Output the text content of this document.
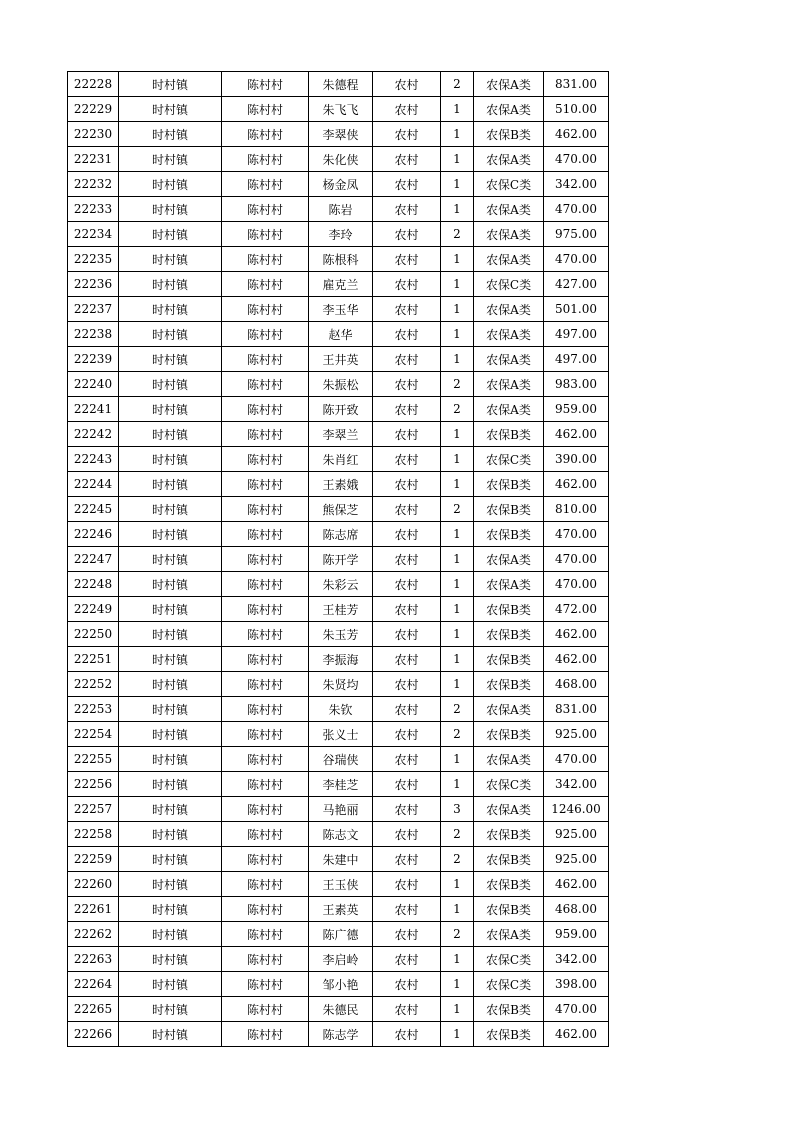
22228	时村镇	陈村村	朱德程	农村	2	农保A类	831.00
22229	时村镇	陈村村	朱飞飞	农村	1	农保A类	510.00
22230	时村镇	陈村村	李翠侠	农村	1	农保B类	462.00
22231	时村镇	陈村村	朱化侠	农村	1	农保A类	470.00
22232	时村镇	陈村村	杨金凤	农村	1	农保C类	342.00
22233	时村镇	陈村村	陈岩	农村	1	农保A类	470.00
22234	时村镇	陈村村	李玲	农村	2	农保A类	975.00
22235	时村镇	陈村村	陈根科	农村	1	农保A类	470.00
22236	时村镇	陈村村	雇克兰	农村	1	农保C类	427.00
22237	时村镇	陈村村	李玉华	农村	1	农保A类	501.00
22238	时村镇	陈村村	赵华	农村	1	农保A类	497.00
22239	时村镇	陈村村	王井英	农村	1	农保A类	497.00
22240	时村镇	陈村村	朱振松	农村	2	农保A类	983.00
22241	时村镇	陈村村	陈开致	农村	2	农保A类	959.00
22242	时村镇	陈村村	李翠兰	农村	1	农保B类	462.00
22243	时村镇	陈村村	朱肖红	农村	1	农保C类	390.00
22244	时村镇	陈村村	王素娥	农村	1	农保B类	462.00
22245	时村镇	陈村村	熊保芝	农村	2	农保B类	810.00
22246	时村镇	陈村村	陈志席	农村	1	农保B类	470.00
22247	时村镇	陈村村	陈开学	农村	1	农保A类	470.00
22248	时村镇	陈村村	朱彩云	农村	1	农保A类	470.00
22249	时村镇	陈村村	王桂芳	农村	1	农保B类	472.00
22250	时村镇	陈村村	朱玉芳	农村	1	农保B类	462.00
22251	时村镇	陈村村	李振海	农村	1	农保B类	462.00
22252	时村镇	陈村村	朱贤均	农村	1	农保B类	468.00
22253	时村镇	陈村村	朱钦	农村	2	农保A类	831.00
22254	时村镇	陈村村	张义士	农村	2	农保B类	925.00
22255	时村镇	陈村村	谷瑞侠	农村	1	农保A类	470.00
22256	时村镇	陈村村	李桂芝	农村	1	农保C类	342.00
22257	时村镇	陈村村	马艳丽	农村	3	农保A类	1246.00
22258	时村镇	陈村村	陈志文	农村	2	农保B类	925.00
22259	时村镇	陈村村	朱建中	农村	2	农保B类	925.00
22260	时村镇	陈村村	王玉侠	农村	1	农保B类	462.00
22261	时村镇	陈村村	王素英	农村	1	农保B类	468.00
22262	时村镇	陈村村	陈广德	农村	2	农保A类	959.00
22263	时村镇	陈村村	李启岭	农村	1	农保C类	342.00
22264	时村镇	陈村村	邹小艳	农村	1	农保C类	398.00
22265	时村镇	陈村村	朱德民	农村	1	农保B类	470.00
22266	时村镇	陈村村	陈志学	农村	1	农保B类	462.00
